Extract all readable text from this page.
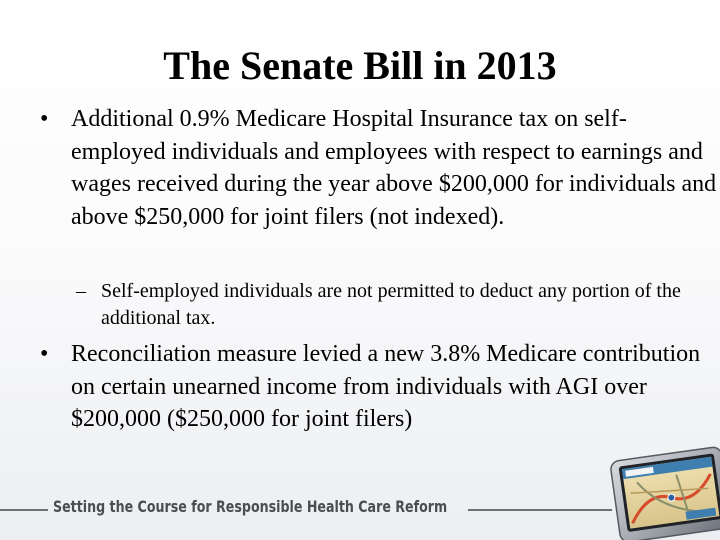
The Senate Bill in 2013

• Additional 0.9% Medicare Hospital Insurance tax on self-employed individuals and employees with respect to earnings and wages received during the year above $200,000 for individuals and above $250,000 for joint filers (not indexed).

– Self-employed individuals are not permitted to deduct any portion of the additional tax.

• Reconciliation measure levied a new 3.8% Medicare contribution on certain unearned income from individuals with AGI over $200,000 ($250,000 for joint filers)

Setting the Course for Responsible Health Care Reform
